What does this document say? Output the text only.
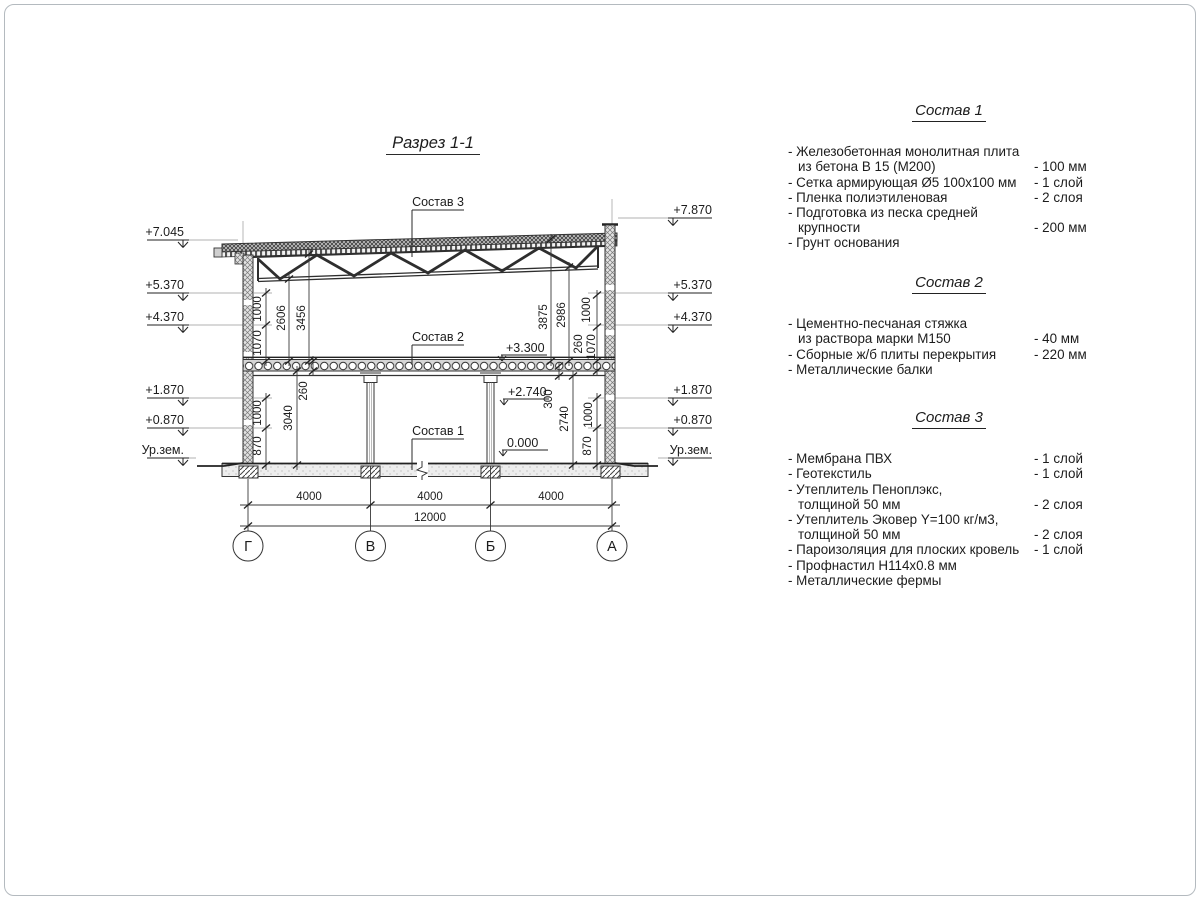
Разрез 1-1
1000
1070
2606 3456
1000
870
260
3040
3875 2986 1000
260 1070
300
2740 1000
870
4000	4000	4000
12000
Г	В	Б	А
+7.045
+5.370
+4.370
+1.870
+0.870
Ур.зем.
+7.870
+5.370
+4.370
+1.870
+0.870
Ур.зем.
+3.300
+2.740
0.000
Состав 3
Состав 2
Состав 1
Состав 1
- Железобетонная монолитная плита
из бетона В 15 (М200)	- 100 мм
- Сетка армирующая Ø5 100х100 мм	- 1 слой
- Пленка полиэтиленовая	- 2 слоя
- Подготовка из песка средней
крупности	- 200 мм
- Грунт основания
Состав 2
- Цементно-песчаная стяжка
из раствора марки М150	- 40 мм
- Сборные ж/б плиты перекрытия	- 220 мм
- Металлические балки
Состав 3
- Мембрана ПВХ	- 1 слой
- Геотекстиль	- 1 слой
- Утеплитель Пеноплэкс,
толщиной 50 мм	- 2 слоя
- Утеплитель Эковер Y=100 кг/м3,
толщиной 50 мм	- 2 слоя
- Пароизоляция для плоских кровель	- 1 слой
- Профнастил Н114х0.8 мм
- Металлические фермы
